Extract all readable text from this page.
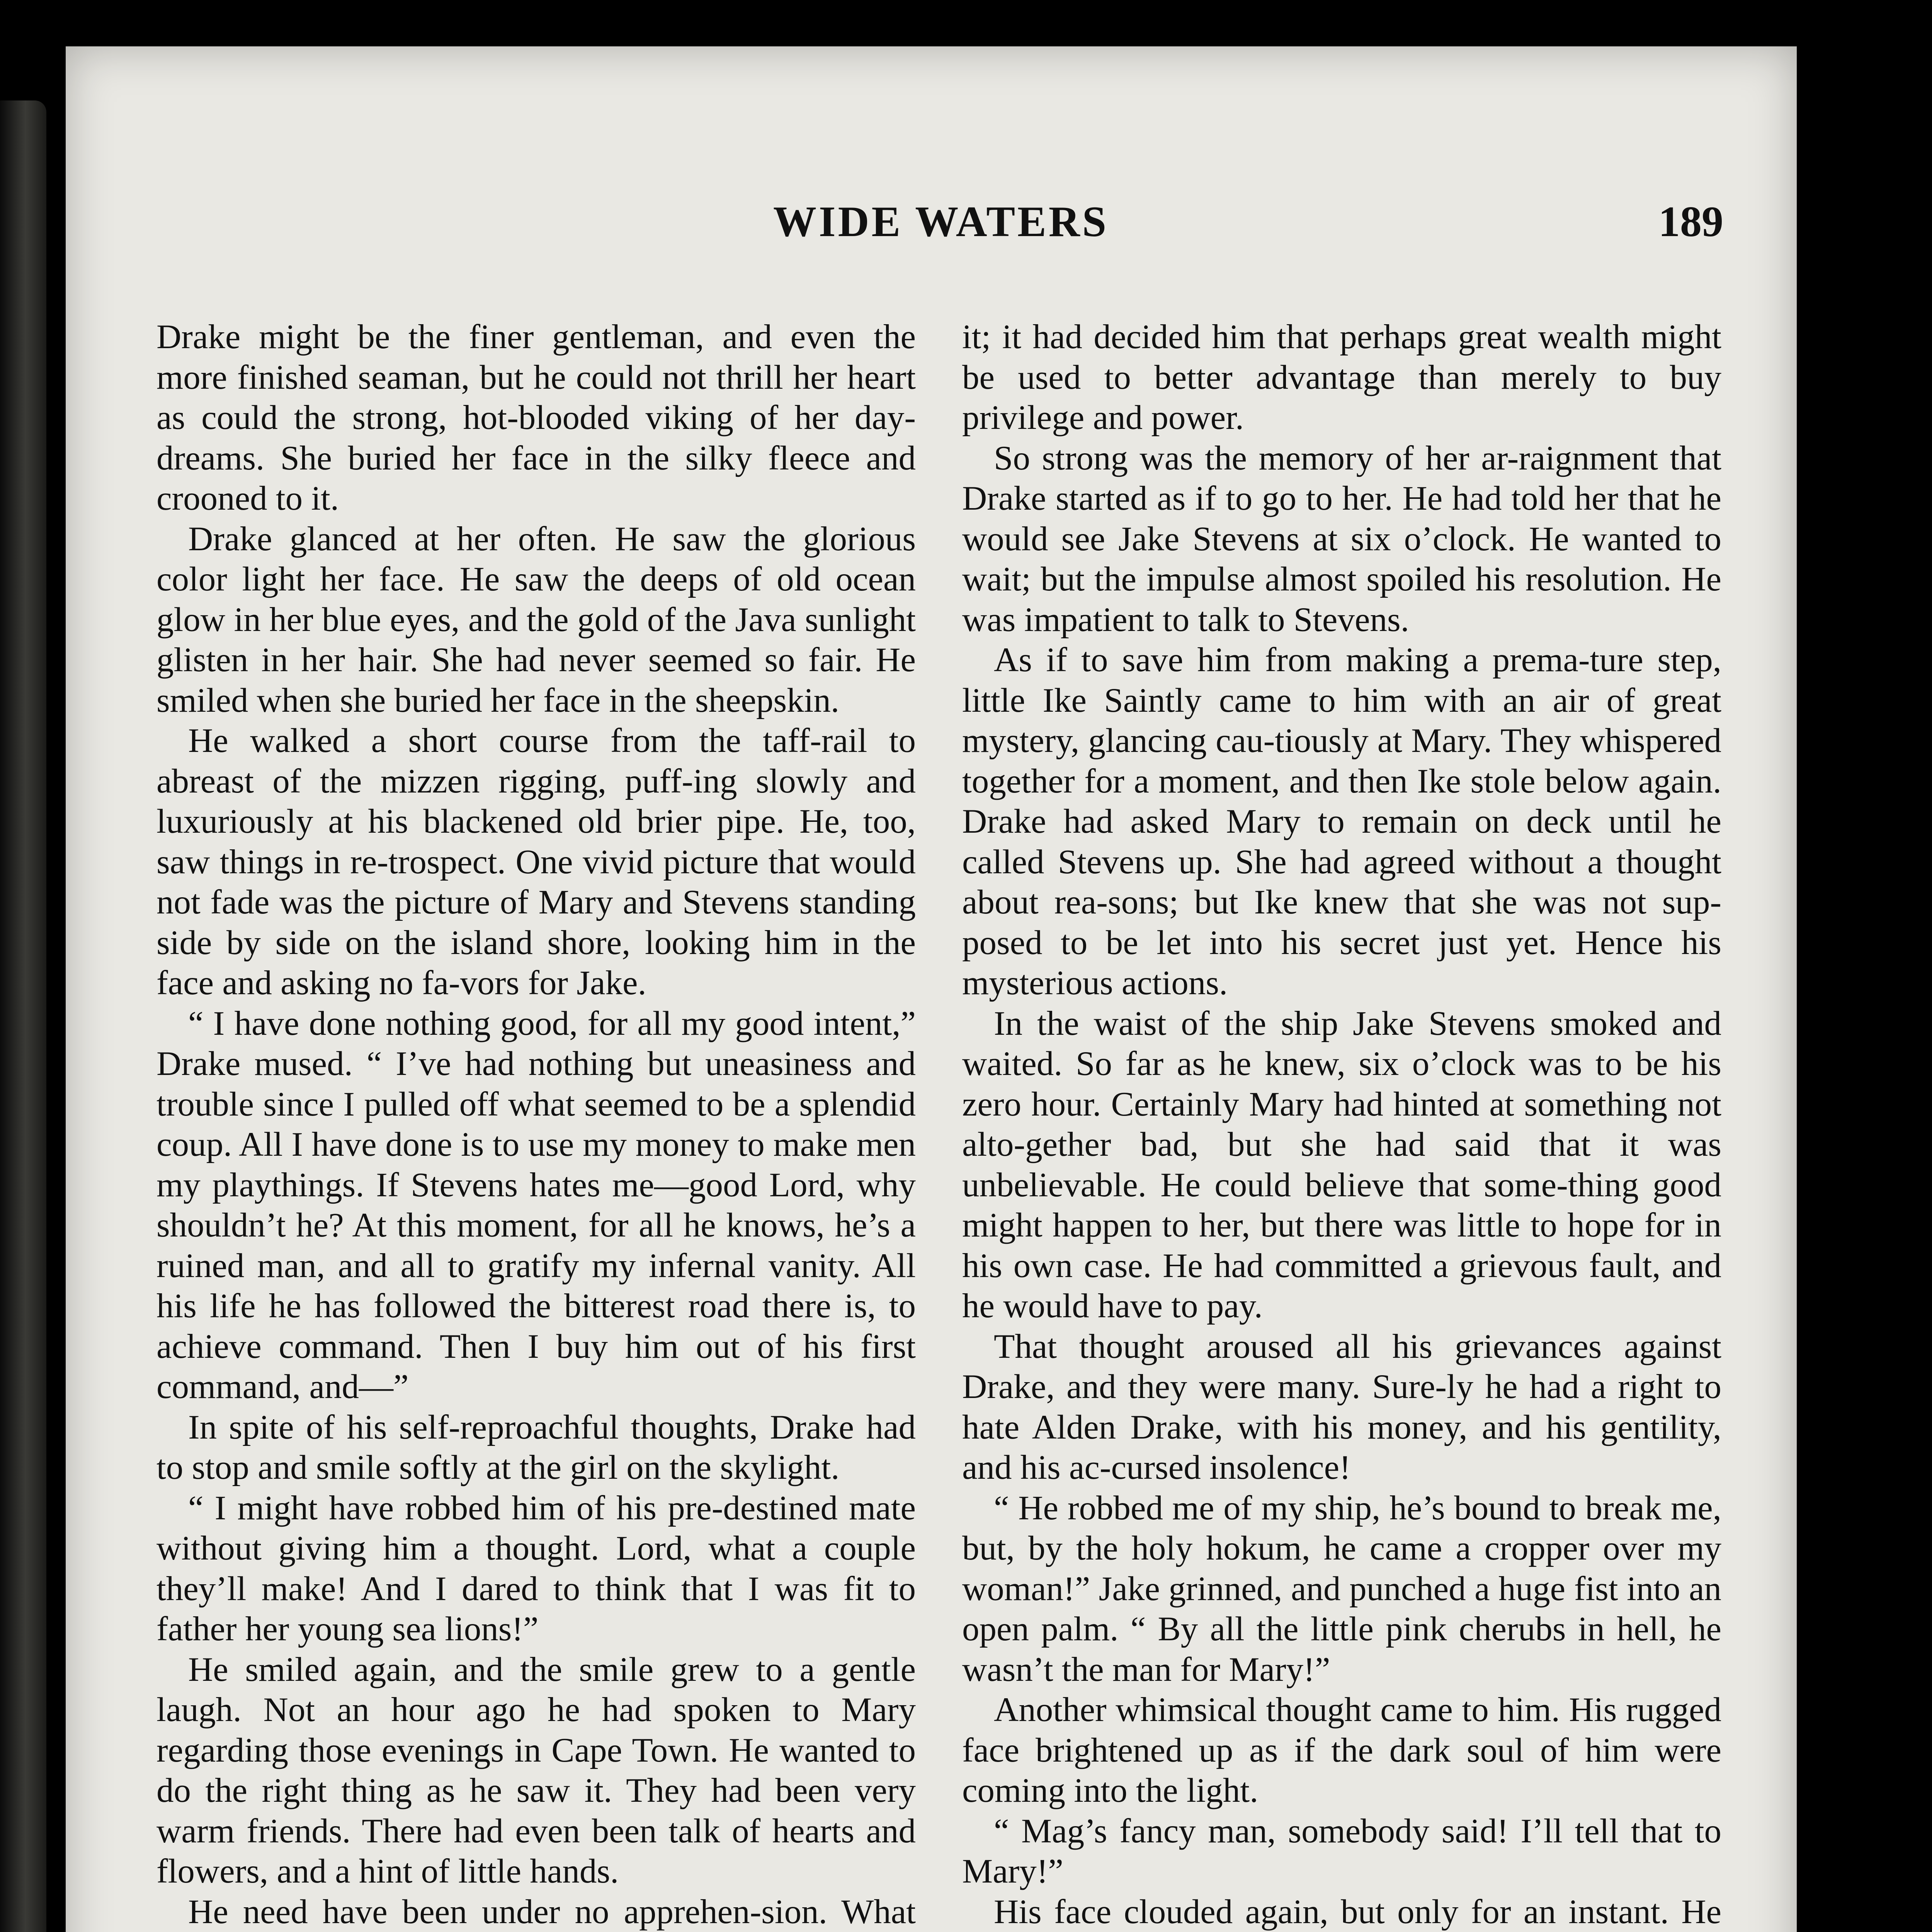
WIDE WATERS	189

Drake might be the finer gentleman, and even the more finished seaman, but he could not thrill her heart as could the strong, hot-blooded viking of her day-dreams. She buried her face in the silky fleece and crooned to it.

Drake glanced at her often. He saw the glorious color light her face. He saw the deeps of old ocean glow in her blue eyes, and the gold of the Java sunlight glisten in her hair. She had never seemed so fair. He smiled when she buried her face in the sheepskin.

He walked a short course from the taff-rail to abreast of the mizzen rigging, puff-ing slowly and luxuriously at his blackened old brier pipe. He, too, saw things in re-trospect. One vivid picture that would not fade was the picture of Mary and Stevens standing side by side on the island shore, looking him in the face and asking no fa-vors for Jake.

“ I have done nothing good, for all my good intent,” Drake mused. “ I’ve had nothing but uneasiness and trouble since I pulled off what seemed to be a splendid coup. All I have done is to use my money to make men my playthings. If Stevens hates me—good Lord, why shouldn’t he? At this moment, for all he knows, he’s a ruined man, and all to gratify my infernal vanity. All his life he has followed the bitterest road there is, to achieve command. Then I buy him out of his first command, and—”

In spite of his self-reproachful thoughts, Drake had to stop and smile softly at the girl on the skylight.

“ I might have robbed him of his pre-destined mate without giving him a thought. Lord, what a couple they’ll make! And I dared to think that I was fit to father her young sea lions!”

He smiled again, and the smile grew to a gentle laugh. Not an hour ago he had spoken to Mary regarding those evenings in Cape Town. He wanted to do the right thing as he saw it. They had been very warm friends. There had even been talk of hearts and flowers, and a hint of little hands.

He need have been under no apprehen-sion. What

it; it had decided him that perhaps great wealth might be used to better advantage than merely to buy privilege and power.

So strong was the memory of her ar-raignment that Drake started as if to go to her. He had told her that he would see Jake Stevens at six o’clock. He wanted to wait; but the impulse almost spoiled his resolution. He was impatient to talk to Stevens.

As if to save him from making a prema-ture step, little Ike Saintly came to him with an air of great mystery, glancing cau-tiously at Mary. They whispered together for a moment, and then Ike stole below again. Drake had asked Mary to remain on deck until he called Stevens up. She had agreed without a thought about rea-sons; but Ike knew that she was not sup-posed to be let into his secret just yet. Hence his mysterious actions.

In the waist of the ship Jake Stevens smoked and waited. So far as he knew, six o’clock was to be his zero hour. Certainly Mary had hinted at something not alto-gether bad, but she had said that it was unbelievable. He could believe that some-thing good might happen to her, but there was little to hope for in his own case. He had committed a grievous fault, and he would have to pay.

That thought aroused all his grievances against Drake, and they were many. Sure-ly he had a right to hate Alden Drake, with his money, and his gentility, and his ac-cursed insolence!

“ He robbed me of my ship, he’s bound to break me, but, by the holy hokum, he came a cropper over my woman!” Jake grinned, and punched a huge fist into an open palm. “ By all the little pink cherubs in hell, he wasn’t the man for Mary!”

Another whimsical thought came to him. His rugged face brightened up as if the dark soul of him were coming into the light.

“ Mag’s fancy man, somebody said! I’ll tell that to Mary!”

His face clouded again, but only for an instant. He
